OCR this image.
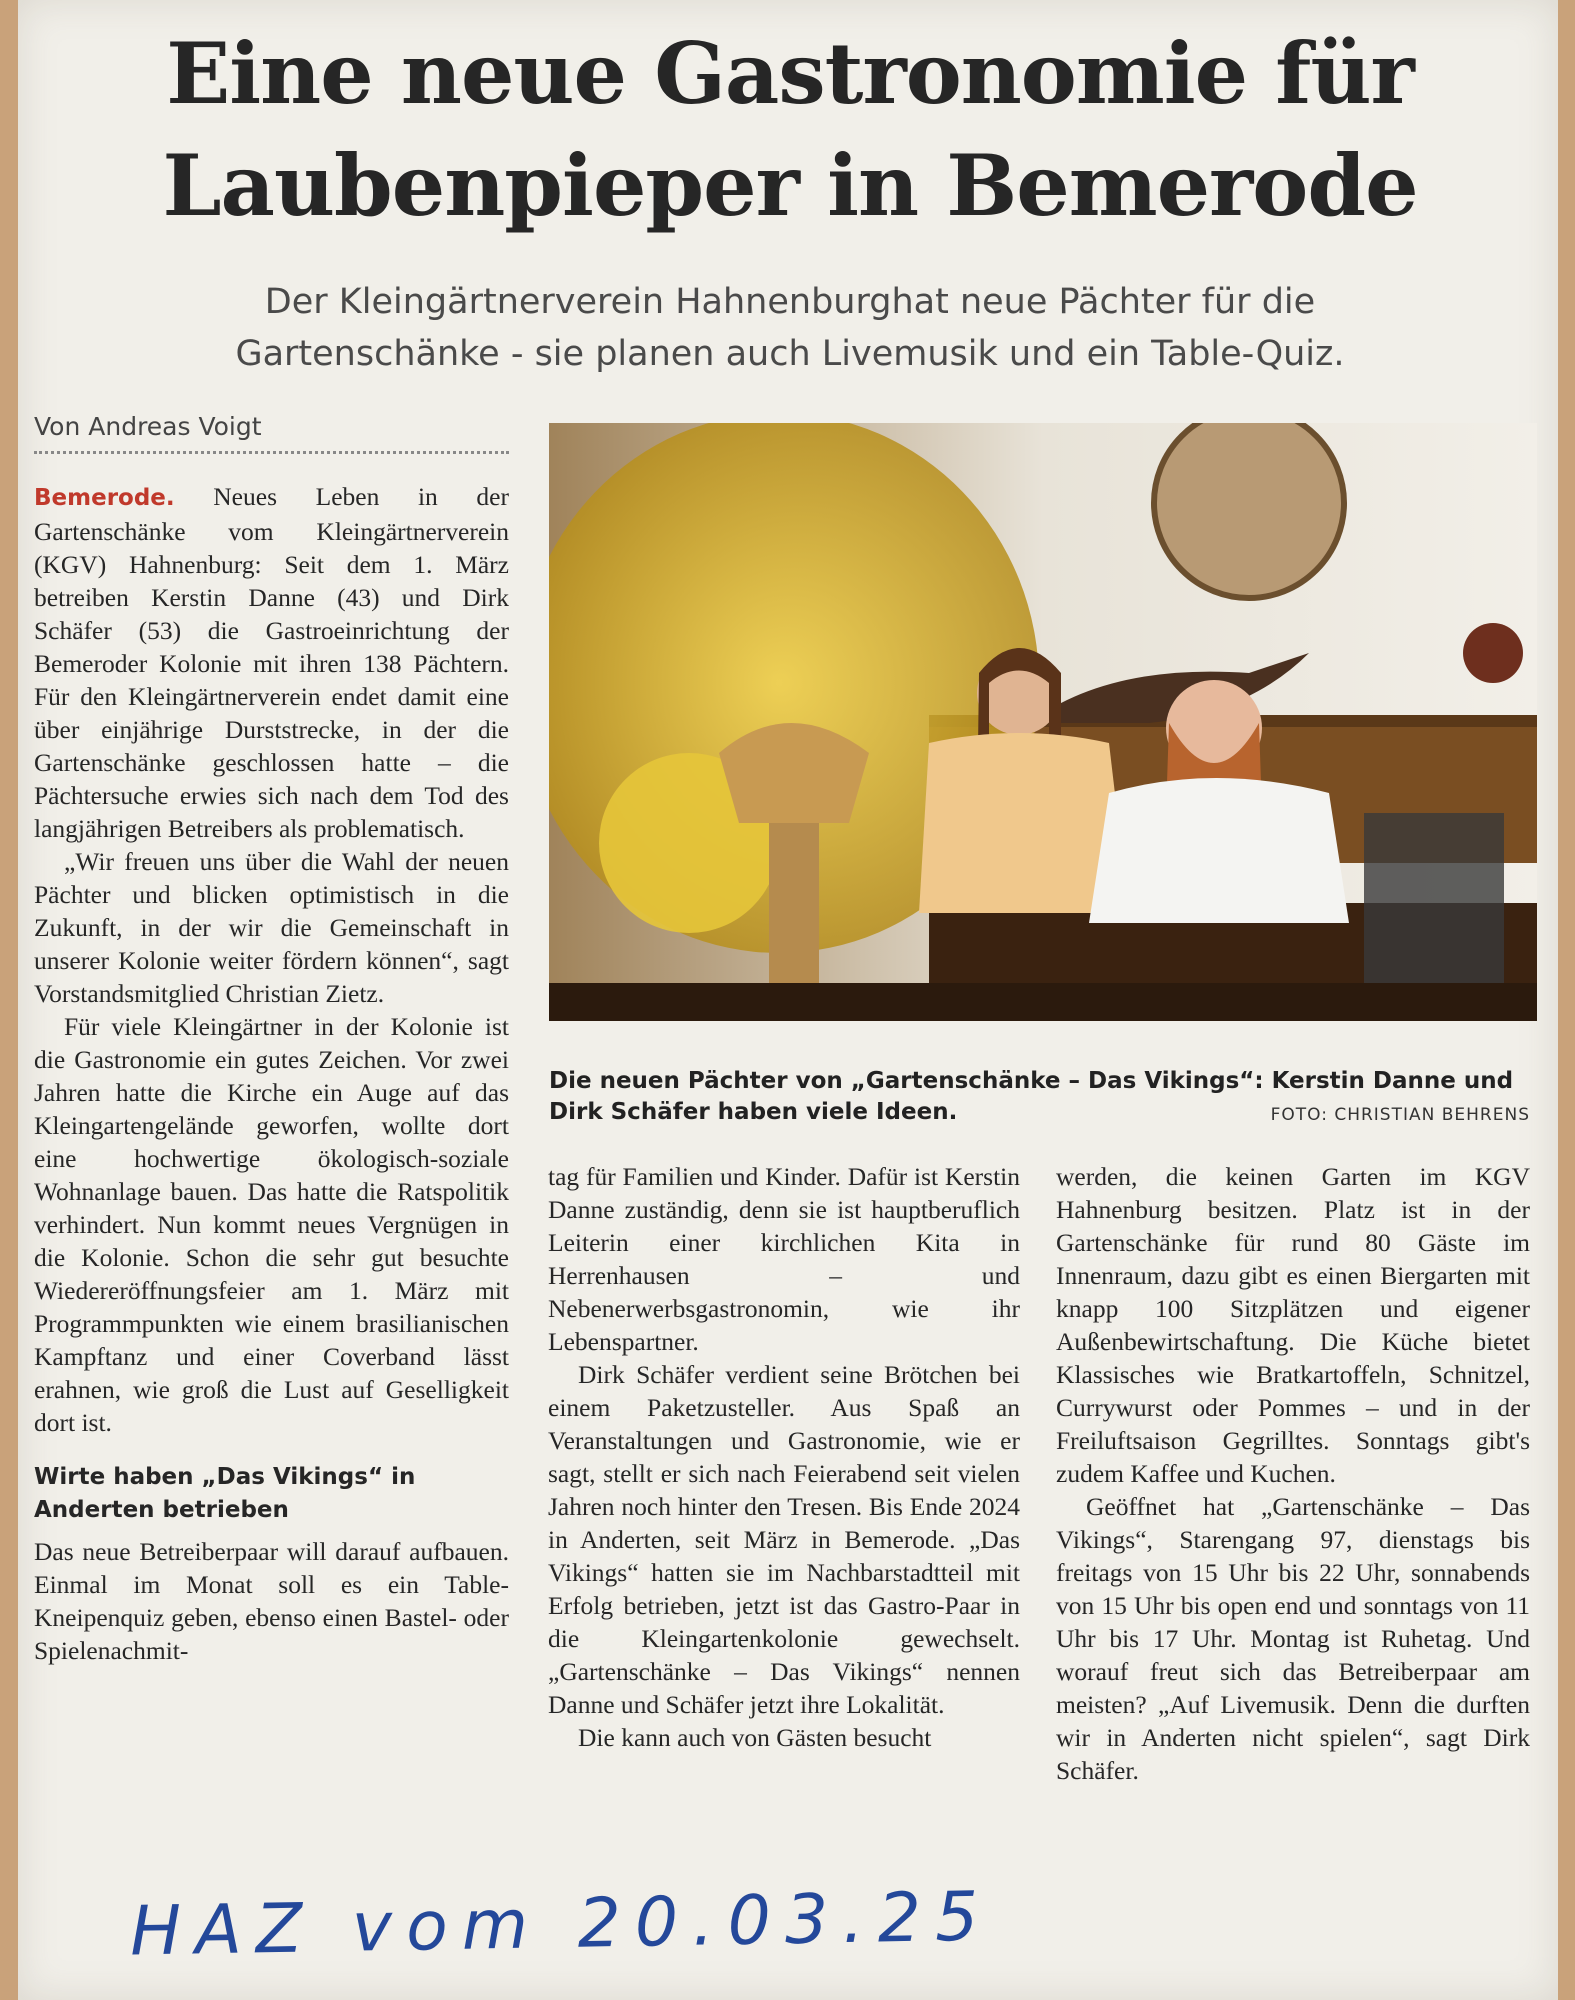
Eine neue Gastronomie für
Laubenpieper in Bemerode
Der Kleingärtnerverein Hahnenburghat neue Pächter für die
Gartenschänke - sie planen auch Livemusik und ein Table-Quiz.
Von Andreas Voigt

Bemerode. Neues Leben in der Gartenschänke vom Kleingärtnerverein (KGV) Hahnenburg: Seit dem 1. März betreiben Kerstin Danne (43) und Dirk Schäfer (53) die Gastroeinrichtung der Bemeroder Kolonie mit ihren 138 Pächtern. Für den Kleingärtnerverein endet damit eine über einjährige Durststrecke, in der die Gartenschänke geschlossen hatte – die Pächtersuche erwies sich nach dem Tod des langjährigen Betreibers als problematisch.

„Wir freuen uns über die Wahl der neuen Pächter und blicken optimistisch in die Zukunft, in der wir die Gemeinschaft in unserer Kolonie weiter fördern können“, sagt Vorstandsmitglied Christian Zietz.

Für viele Kleingärtner in der Kolonie ist die Gastronomie ein gutes Zeichen. Vor zwei Jahren hatte die Kirche ein Auge auf das Kleingartengelände geworfen, wollte dort eine hochwertige ökologisch-soziale Wohnanlage bauen. Das hatte die Ratspolitik verhindert. Nun kommt neues Vergnügen in die Kolonie. Schon die sehr gut besuchte Wiedereröffnungsfeier am 1. März mit Programmpunkten wie einem brasilianischen Kampftanz und einer Coverband lässt erahnen, wie groß die Lust auf Geselligkeit dort ist.

Wirte haben „Das Vikings“ in Anderten betrieben

Das neue Betreiberpaar will darauf aufbauen. Einmal im Monat soll es ein Table-Kneipenquiz geben, ebenso einen Bastel- oder Spielenachmit-

Die neuen Pächter von „Gartenschänke – Das Vikings“: Kerstin Danne und Dirk Schäfer haben viele Ideen.	FOTO: CHRISTIAN BEHRENS

tag für Familien und Kinder. Dafür ist Kerstin Danne zuständig, denn sie ist hauptberuflich Leiterin einer kirchlichen Kita in Herrenhausen – und Nebenerwerbsgastronomin, wie ihr Lebenspartner.

Dirk Schäfer verdient seine Brötchen bei einem Paketzusteller. Aus Spaß an Veranstaltungen und Gastronomie, wie er sagt, stellt er sich nach Feierabend seit vielen Jahren noch hinter den Tresen. Bis Ende 2024 in Anderten, seit März in Bemerode. „Das Vikings“ hatten sie im Nachbarstadtteil mit Erfolg betrieben, jetzt ist das Gastro-Paar in die Kleingartenkolonie gewechselt. „Gartenschänke – Das Vikings“ nennen Danne und Schäfer jetzt ihre Lokalität.

Die kann auch von Gästen besucht

werden, die keinen Garten im KGV Hahnenburg besitzen. Platz ist in der Gartenschänke für rund 80 Gäste im Innenraum, dazu gibt es einen Biergarten mit knapp 100 Sitzplätzen und eigener Außenbewirtschaftung. Die Küche bietet Klassisches wie Bratkartoffeln, Schnitzel, Currywurst oder Pommes – und in der Freiluftsaison Gegrilltes. Sonntags gibt's zudem Kaffee und Kuchen.

Geöffnet hat „Gartenschänke – Das Vikings“, Starengang 97, dienstags bis freitags von 15 Uhr bis 22 Uhr, sonnabends von 15 Uhr bis open end und sonntags von 11 Uhr bis 17 Uhr. Montag ist Ruhetag. Und worauf freut sich das Betreiberpaar am meisten? „Auf Livemusik. Denn die durften wir in Anderten nicht spielen“, sagt Dirk Schäfer.

HAZ vom 20.03.25
